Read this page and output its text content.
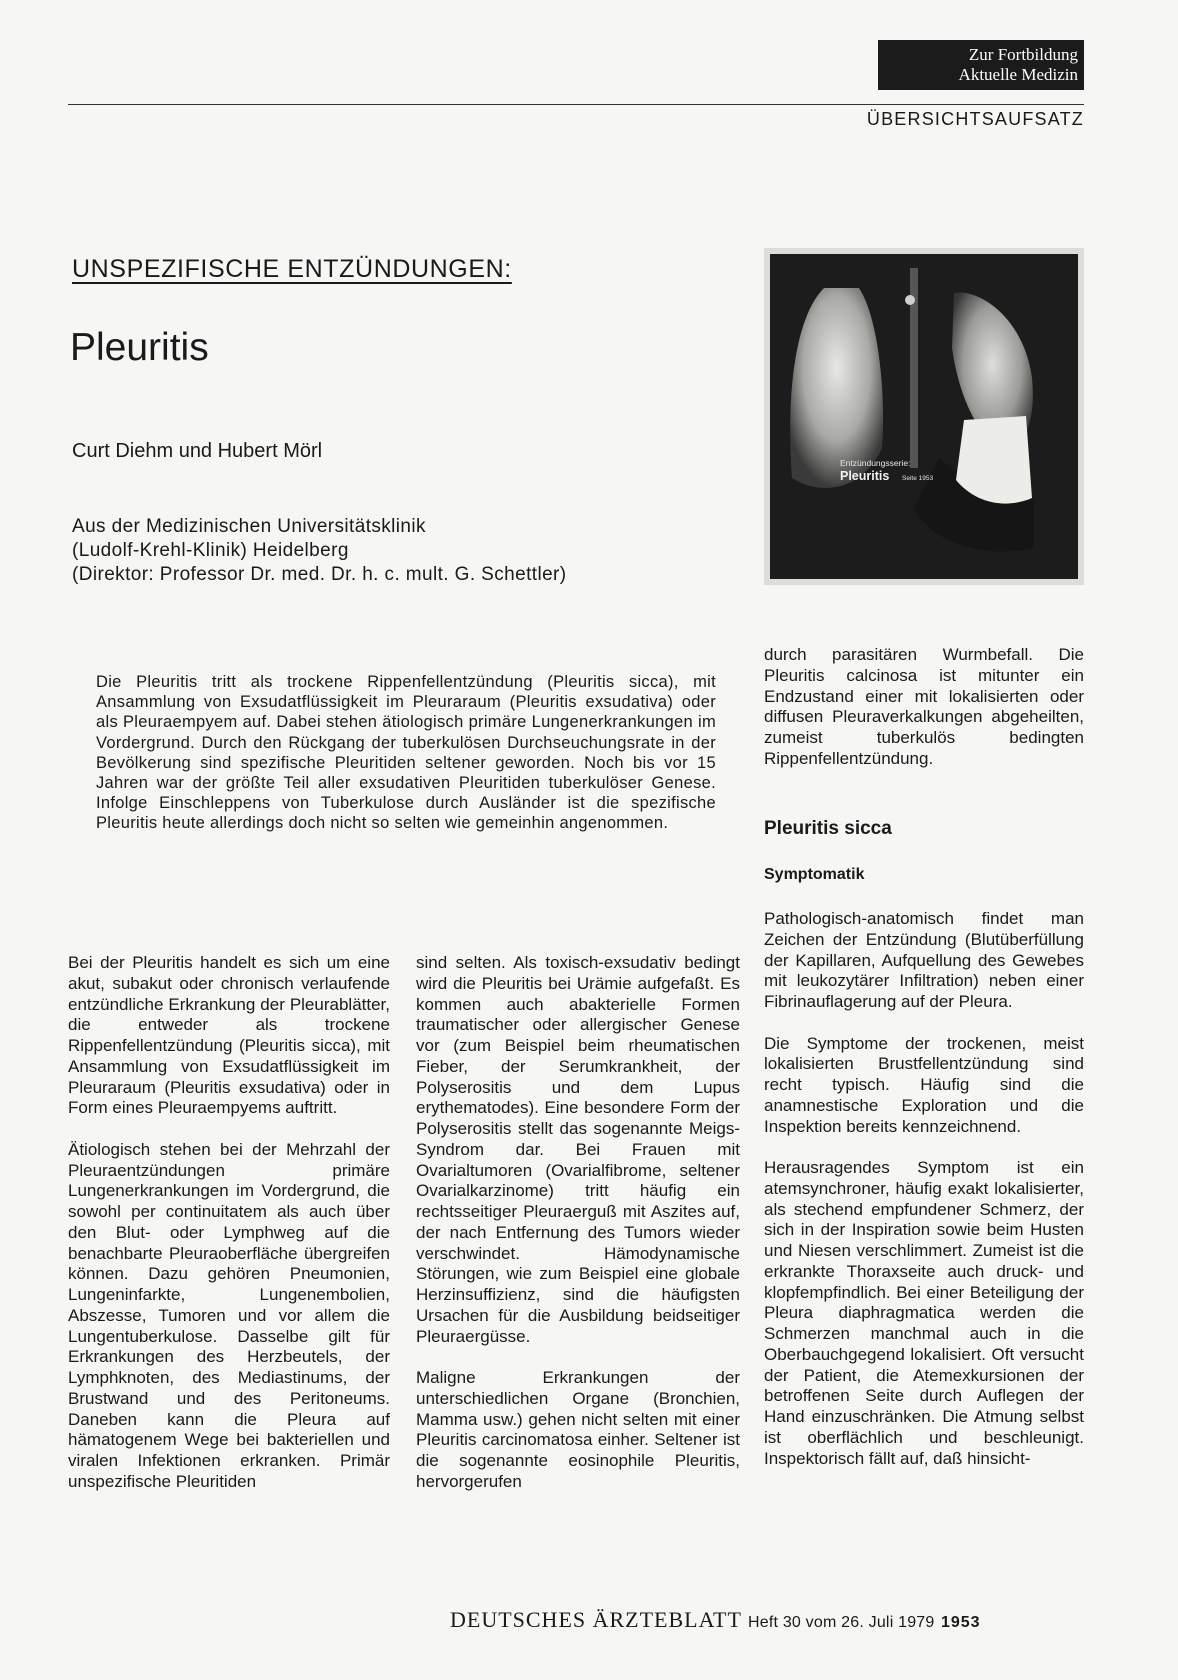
Zur Fortbildung
Aktuelle Medizin
ÜBERSICHTSAUFSATZ
UNSPEZIFISCHE ENTZÜNDUNGEN:
Pleuritis
Curt Diehm und Hubert Mörl
Aus der Medizinischen Universitätsklinik
(Ludolf-Krehl-Klinik) Heidelberg
(Direktor: Professor Dr. med. Dr. h. c. mult. G. Schettler)
Entzündungsserie:
Pleuritis Seite 1953

Die Pleuritis tritt als trockene Rippenfellentzündung (Pleuritis sicca), mit Ansammlung von Exsudatflüssigkeit im Pleuraraum (Pleuritis exsudativa) oder als Pleuraempyem auf. Dabei stehen ätiologisch primäre Lungenerkrankungen im Vordergrund. Durch den Rückgang der tuberkulösen Durchseuchungsrate in der Bevölkerung sind spezifische Pleuritiden seltener geworden. Noch bis vor 15 Jahren war der größte Teil aller exsudativen Pleuritiden tuberkulöser Genese. Infolge Einschleppens von Tuberkulose durch Ausländer ist die spezifische Pleuritis heute allerdings doch nicht so selten wie gemeinhin angenommen.

Bei der Pleuritis handelt es sich um eine akut, subakut oder chronisch verlaufende entzündliche Erkrankung der Pleurablätter, die entweder als trockene Rippenfellentzündung (Pleuritis sicca), mit Ansammlung von Exsudatflüssigkeit im Pleuraraum (Pleuritis exsudativa) oder in Form eines Pleuraempyems auftritt.

Ätiologisch stehen bei der Mehrzahl der Pleuraentzündungen primäre Lungenerkrankungen im Vordergrund, die sowohl per continuitatem als auch über den Blut- oder Lymphweg auf die benachbarte Pleuraoberfläche übergreifen können. Dazu gehören Pneumonien, Lungeninfarkte, Lungenembolien, Abszesse, Tumoren und vor allem die Lungentuberkulose. Dasselbe gilt für Erkrankungen des Herzbeutels, der Lymphknoten, des Mediastinums, der Brustwand und des Peritoneums. Daneben kann die Pleura auf hämatogenem Wege bei bakteriellen und viralen Infektionen erkranken. Primär unspezifische Pleuritiden

sind selten. Als toxisch-exsudativ bedingt wird die Pleuritis bei Urämie aufgefaßt. Es kommen auch abakterielle Formen traumatischer oder allergischer Genese vor (zum Beispiel beim rheumatischen Fieber, der Serumkrankheit, der Polyserositis und dem Lupus erythematodes). Eine besondere Form der Polyserositis stellt das sogenannte Meigs-Syndrom dar. Bei Frauen mit Ovarialtumoren (Ovarialfibrome, seltener Ovarialkarzinome) tritt häufig ein rechtsseitiger Pleuraerguß mit Aszites auf, der nach Entfernung des Tumors wieder verschwindet. Hämodynamische Störungen, wie zum Beispiel eine globale Herzinsuffizienz, sind die häufigsten Ursachen für die Ausbildung beidseitiger Pleuraergüsse.

Maligne Erkrankungen der unterschiedlichen Organe (Bronchien, Mamma usw.) gehen nicht selten mit einer Pleuritis carcinomatosa einher. Seltener ist die sogenannte eosinophile Pleuritis, hervorgerufen

durch parasitären Wurmbefall. Die Pleuritis calcinosa ist mitunter ein Endzustand einer mit lokalisierten oder diffusen Pleuraverkalkungen abgeheilten, zumeist tuberkulös bedingten Rippenfellentzündung.

Pleuritis sicca
Symptomatik

Pathologisch-anatomisch findet man Zeichen der Entzündung (Blutüberfüllung der Kapillaren, Aufquellung des Gewebes mit leukozytärer Infiltration) neben einer Fibrinauflagerung auf der Pleura.

Die Symptome der trockenen, meist lokalisierten Brustfellentzündung sind recht typisch. Häufig sind die anamnestische Exploration und die Inspektion bereits kennzeichnend.

Herausragendes Symptom ist ein atemsynchroner, häufig exakt lokalisierter, als stechend empfundener Schmerz, der sich in der Inspiration sowie beim Husten und Niesen verschlimmert. Zumeist ist die erkrankte Thoraxseite auch druck- und klopfempfindlich. Bei einer Beteiligung der Pleura diaphragmatica werden die Schmerzen manchmal auch in die Oberbauchgegend lokalisiert. Oft versucht der Patient, die Atemexkursionen der betroffenen Seite durch Auflegen der Hand einzuschränken. Die Atmung selbst ist oberflächlich und beschleunigt. Inspektorisch fällt auf, daß hinsicht-

DEUTSCHES ÄRZTEBLATT Heft 30 vom 26. Juli 1979 1953
